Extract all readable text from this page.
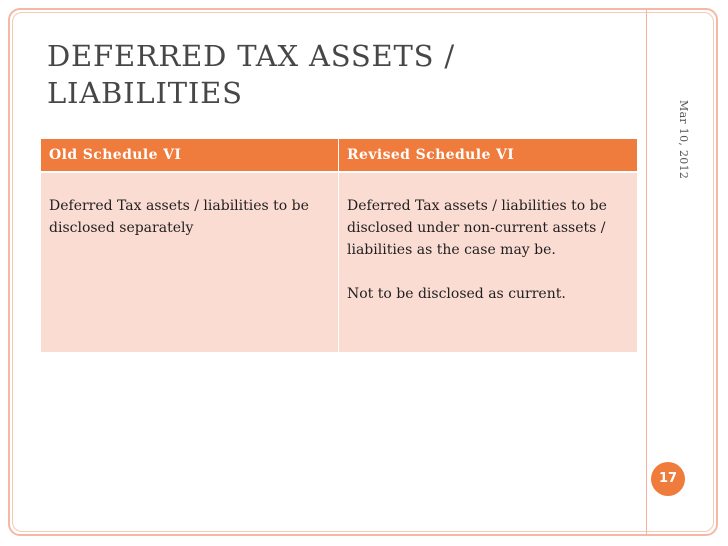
DEFERRED TAX ASSETS / LIABILITIES
Mar 10, 2012
Old Schedule VI	Revised Schedule VI

Deferred Tax assets / liabilities to be disclosed separately	Deferred Tax assets / liabilities to be disclosed under non-current assets / liabilities as the case may be.

Not to be disclosed as current.

17
